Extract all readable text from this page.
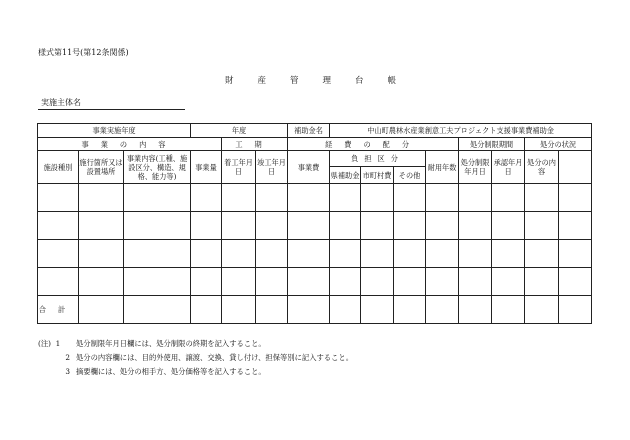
様式第11号(第12条関係)
財産管理台帳
実施主体名
事業実施年度			年度			補助金名	中山町農林水産業創意工夫プロジェクト支援事業費補助金								
事業の内容				工期		経費の配分					処分制限期間		処分の状況	
施設種別	施行箇所又は設置場所	事業内容(工種、施設区分、構造、規格、能力等)	事業量	着工年月日	竣工年月日	事業費	負担区分			耐用年数	処分制限年月日	承認年月日	処分の内容		
							県補助金	市町村費	その他						

合計															
(注) 1	処分制限年月日欄には、処分制限の終期を記入すること。
2 処分の内容欄には、目的外使用、譲渡、交換、貸し付け、担保等別に記入すること。
3 摘要欄には、処分の相手方、処分価格等を記入すること。
